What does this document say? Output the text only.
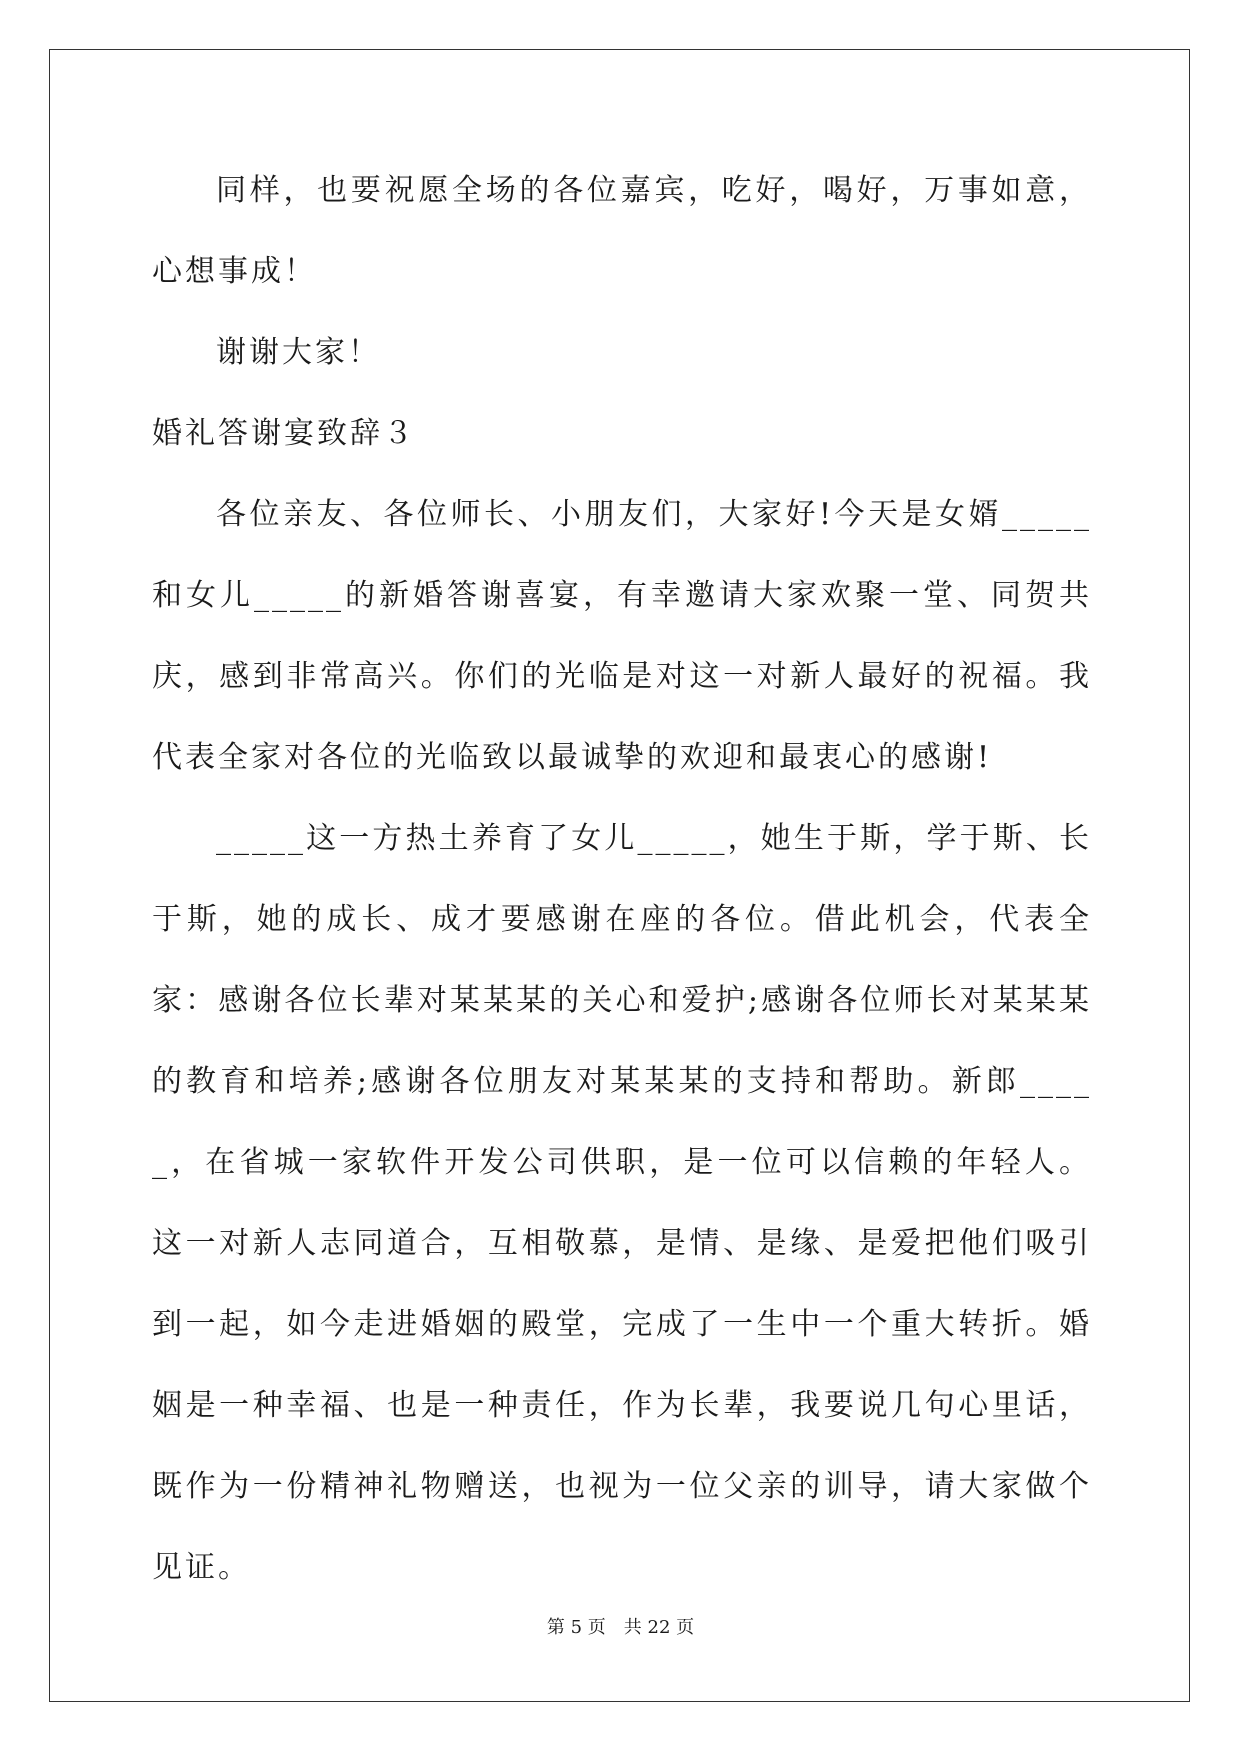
同样，也要祝愿全场的各位嘉宾，吃好，喝好，万事如意，心想事成！

谢谢大家！

婚礼答谢宴致辞３

各位亲友、各位师长、小朋友们，大家好!今天是女婿_____和女儿_____的新婚答谢喜宴，有幸邀请大家欢聚一堂、同贺共庆，感到非常高兴。你们的光临是对这一对新人最好的祝福。我代表全家对各位的光临致以最诚挚的欢迎和最衷心的感谢!

_____这一方热土养育了女儿_____，她生于斯，学于斯、长于斯，她的成长、成才要感谢在座的各位。借此机会，代表全家：感谢各位长辈对某某某的关心和爱护;感谢各位师长对某某某的教育和培养;感谢各位朋友对某某某的支持和帮助。新郎_____，在省城一家软件开发公司供职，是一位可以信赖的年轻人。这一对新人志同道合，互相敬慕，是情、是缘、是爱把他们吸引到一起，如今走进婚姻的殿堂，完成了一生中一个重大转折。婚姻是一种幸福、也是一种责任，作为长辈，我要说几句心里话，既作为一份精神礼物赠送，也视为一位父亲的训导，请大家做个见证。

第 5 页 共 22 页
